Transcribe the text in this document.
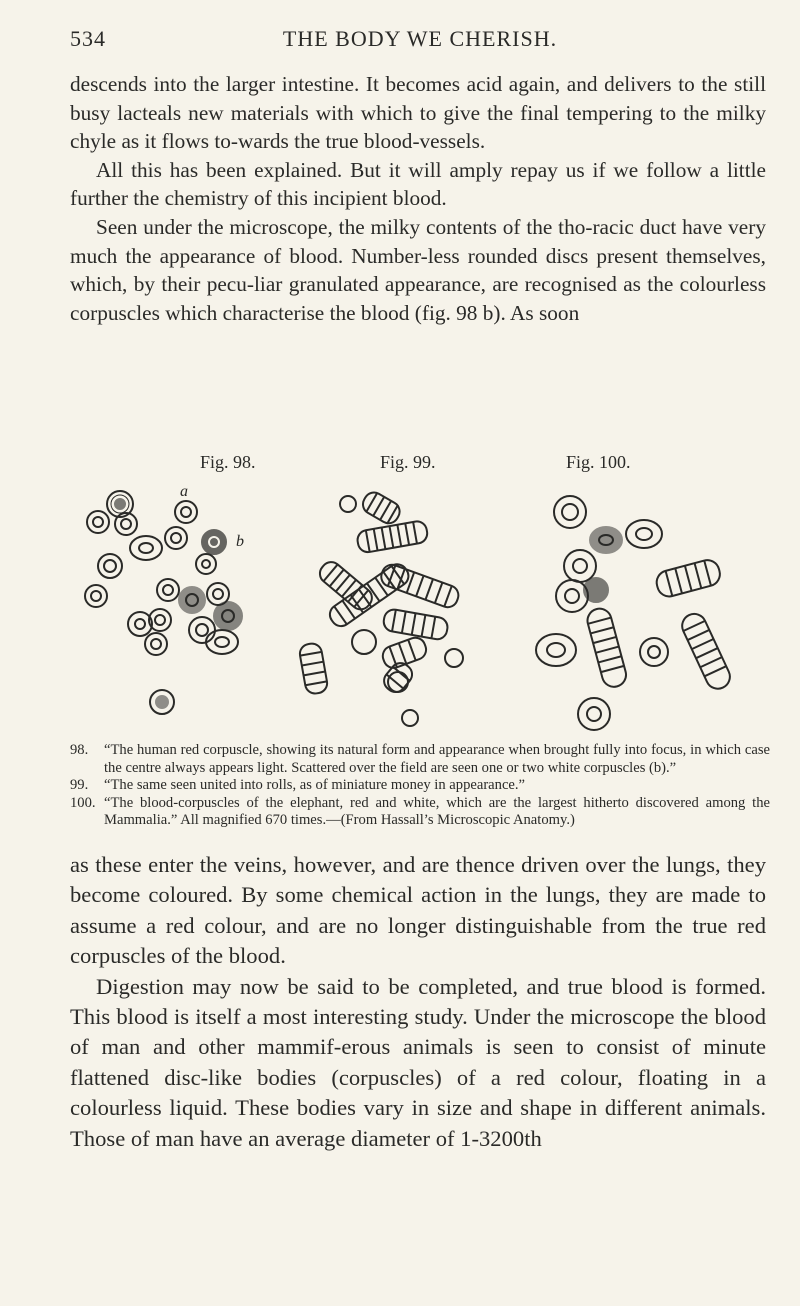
534	THE BODY WE CHERISH.

descends into the larger intestine. It becomes acid again, and delivers to the still busy lacteals new materials with which to give the final tempering to the milky chyle as it flows to-wards the true blood-vessels.

All this has been explained. But it will amply repay us if we follow a little further the chemistry of this incipient blood.

Seen under the microscope, the milky contents of the tho-racic duct have very much the appearance of blood. Number-less rounded discs present themselves, which, by their pecu-liar granulated appearance, are recognised as the colourless corpuscles which characterise the blood (fig. 98 b). As soon

Fig. 98.	Fig. 99.	Fig. 100.
a
b
98. “The human red corpuscle, showing its natural form and appearance when brought fully into focus, in which case the centre always appears light. Scattered over the field are seen one or two white corpuscles (b).”
99. “The same seen united into rolls, as of miniature money in appearance.”
100. “The blood-corpuscles of the elephant, red and white, which are the largest hitherto discovered among the Mammalia.” All magnified 670 times.—(From Hassall’s Microscopic Anatomy.)

as these enter the veins, however, and are thence driven over the lungs, they become coloured. By some chemical action in the lungs, they are made to assume a red colour, and are no longer distinguishable from the true red corpuscles of the blood.

Digestion may now be said to be completed, and true blood is formed. This blood is itself a most interesting study. Under the microscope the blood of man and other mammif-erous animals is seen to consist of minute flattened disc-like bodies (corpuscles) of a red colour, floating in a colourless liquid. These bodies vary in size and shape in different animals. Those of man have an average diameter of 1-3200th
